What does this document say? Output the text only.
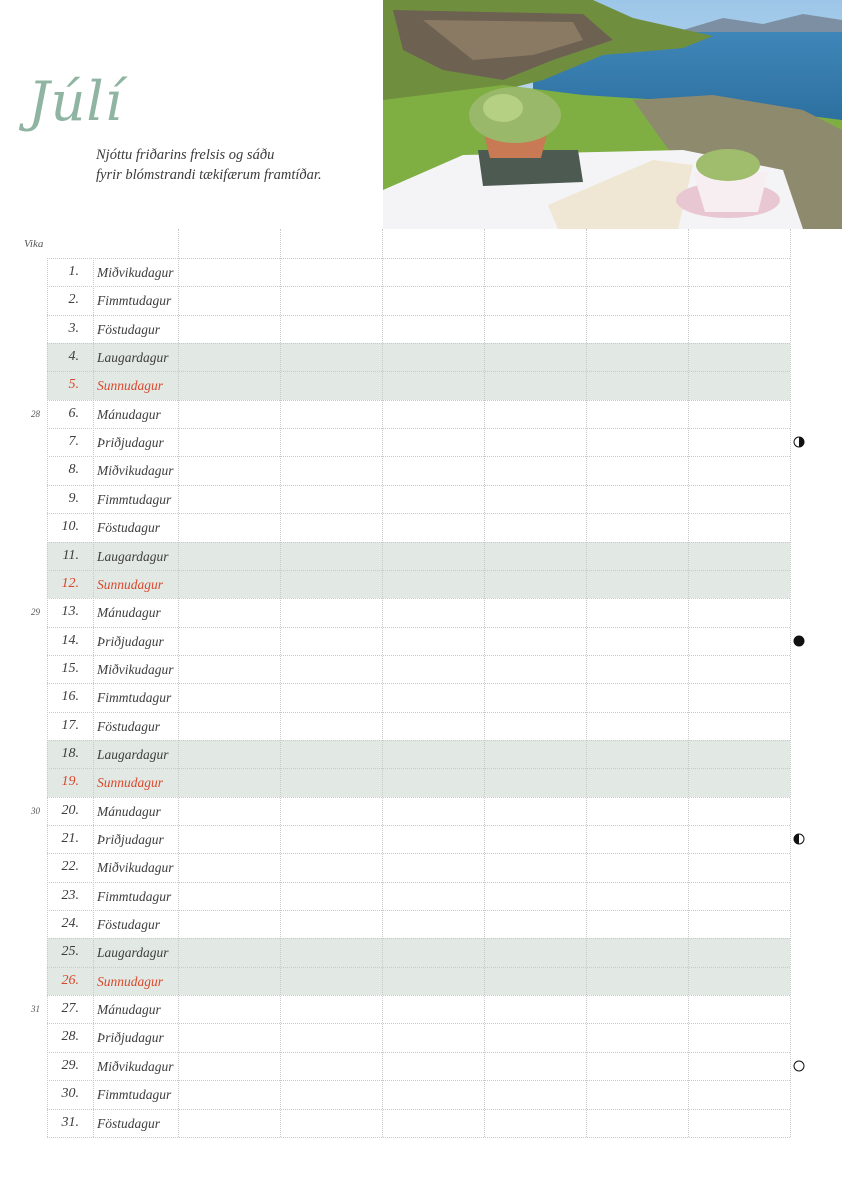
Júlí
Njóttu friðarins frelsis og sáðu
fyrir blómstrandi tækifærum framtíðar.
Vika
1. Miðvikudagur
2. Fimmtudagur
3. Föstudagur
4. Laugardagur
5. Sunnudagur
6. Mánudagur
28
7. Þriðjudagur
8. Miðvikudagur
9. Fimmtudagur
10. Föstudagur
11. Laugardagur
12. Sunnudagur
13. Mánudagur
29
14. Þriðjudagur
15. Miðvikudagur
16. Fimmtudagur
17. Föstudagur
18. Laugardagur
19. Sunnudagur
20. Mánudagur
30
21. Þriðjudagur
22. Miðvikudagur
23. Fimmtudagur
24. Föstudagur
25. Laugardagur
26. Sunnudagur
27. Mánudagur
31
28. Þriðjudagur
29. Miðvikudagur
30. Fimmtudagur
31. Föstudagur
